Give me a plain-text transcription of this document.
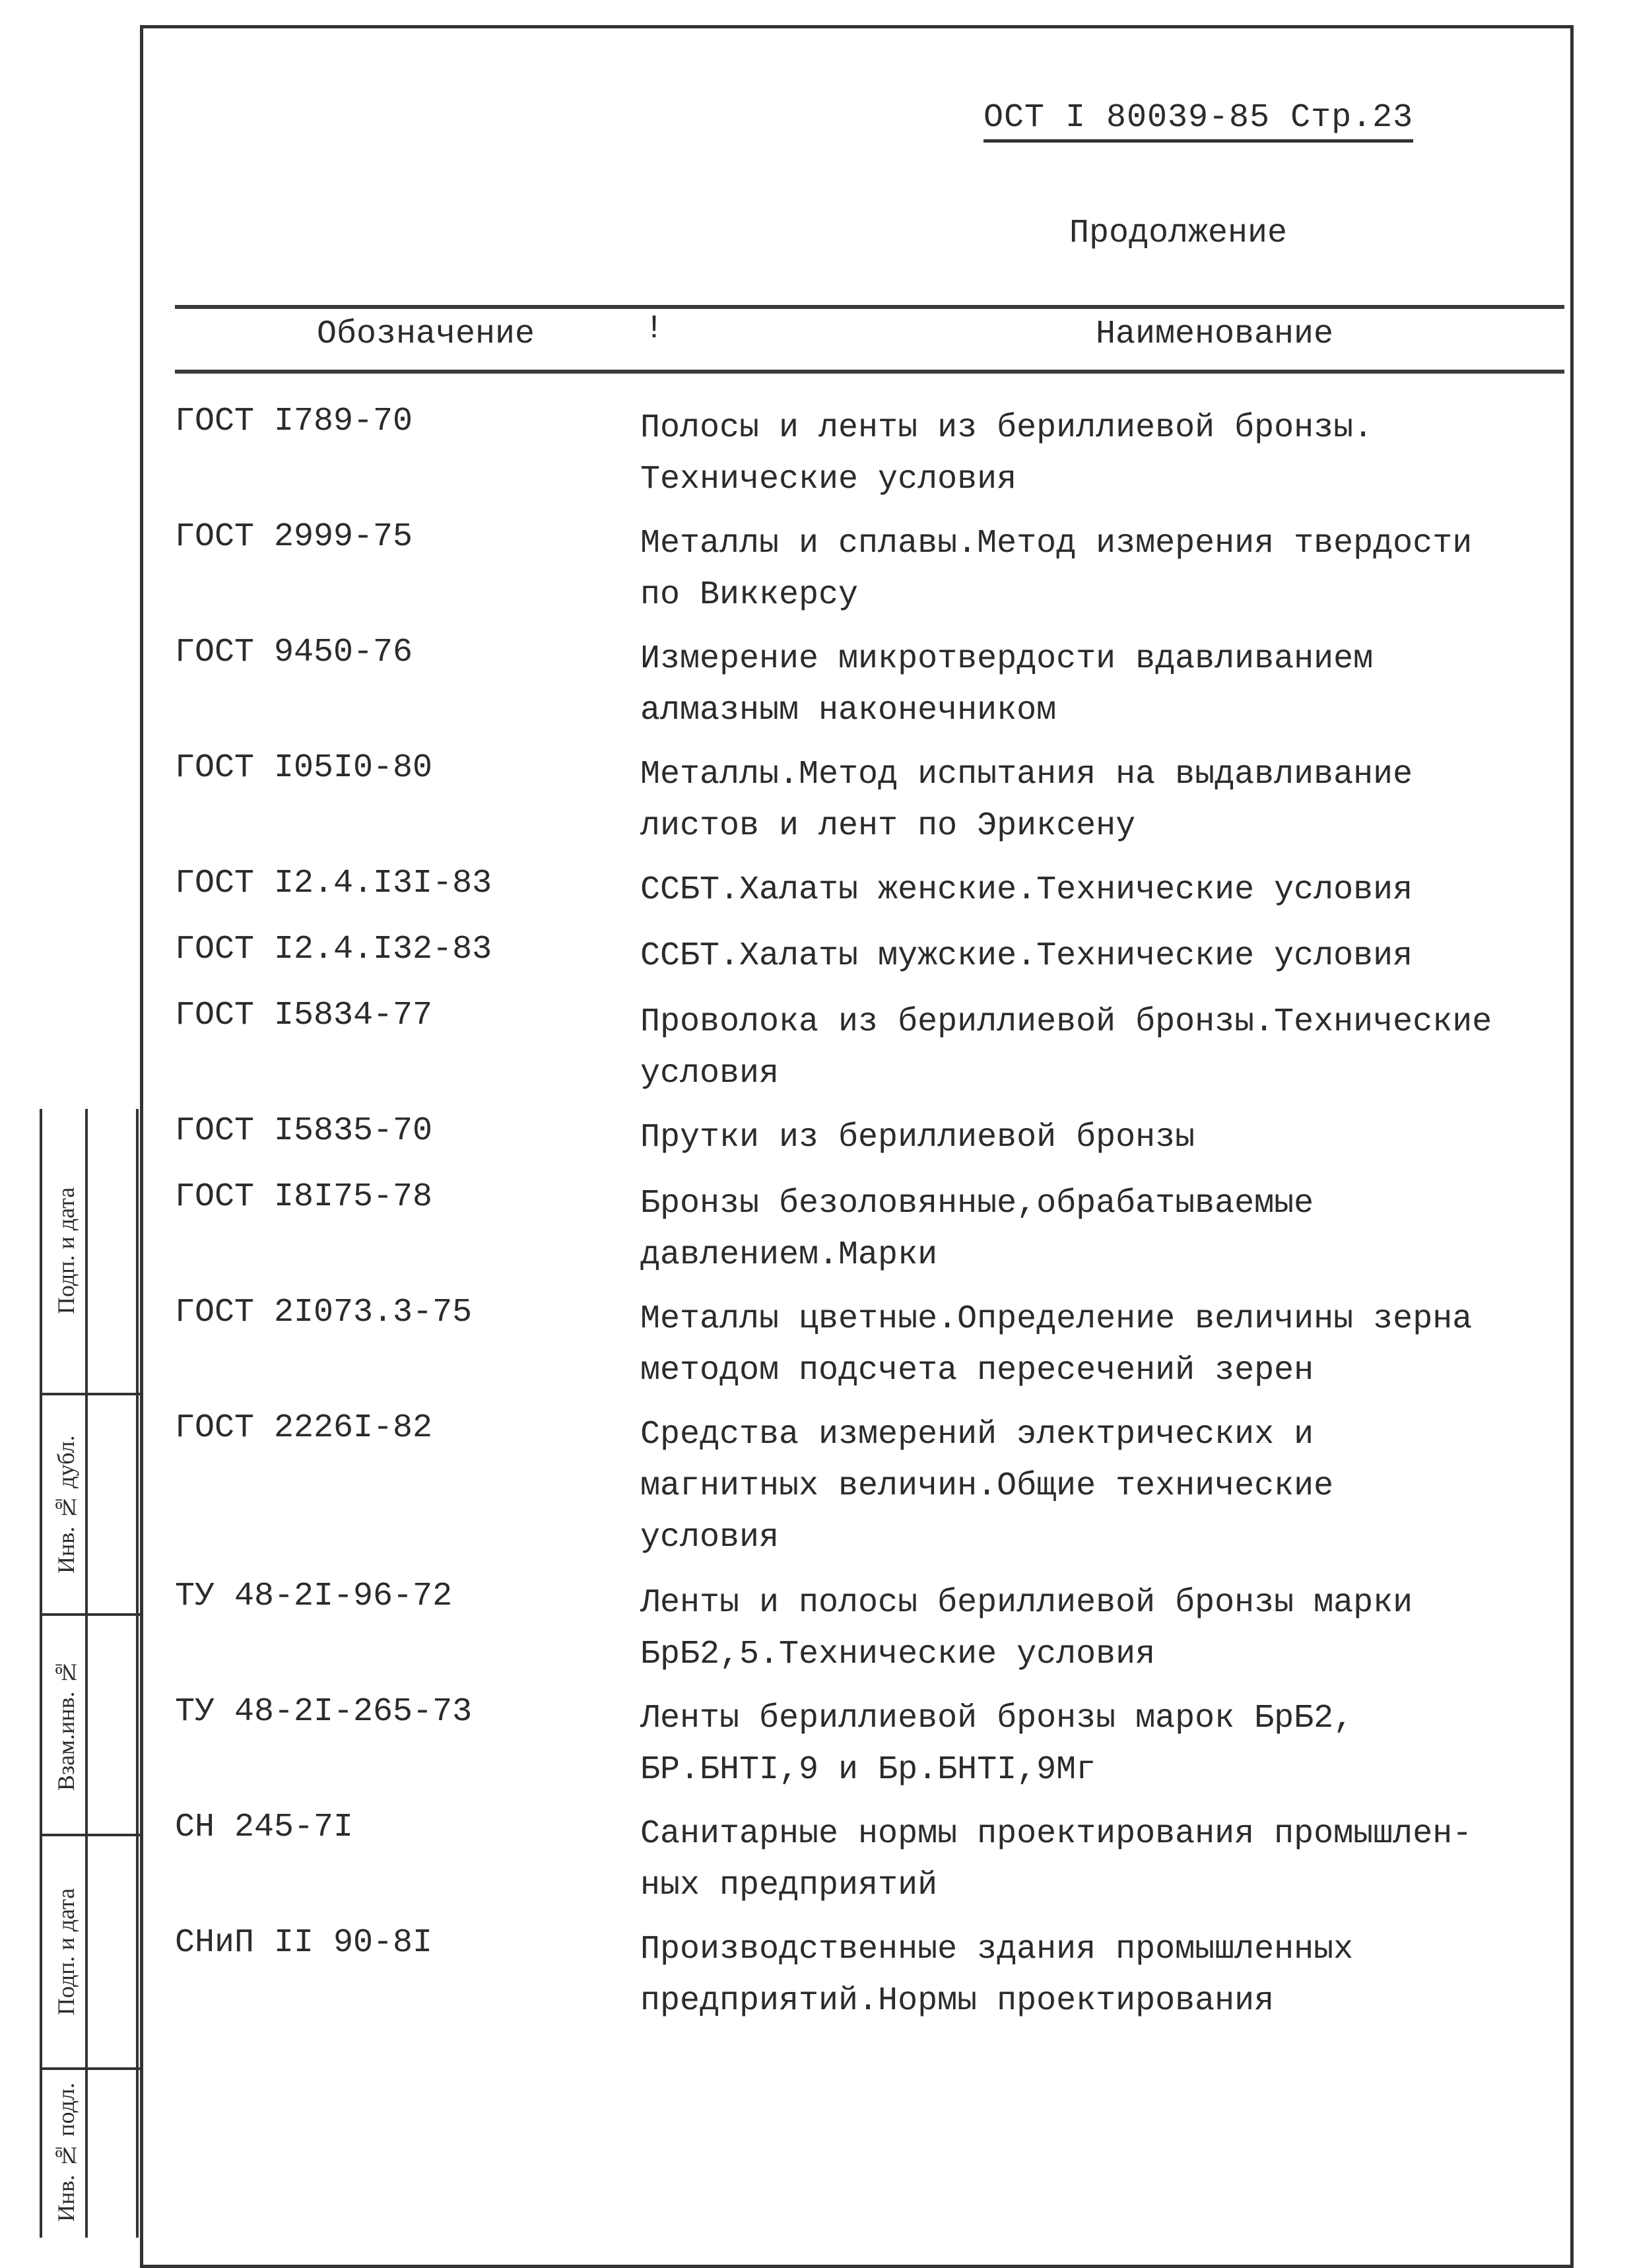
ОСТ I 80039-85 Стр.23
Продолжение
Обозначение	!	Наименование
ГОСТ I789-70	Полосы и ленты из бериллиевой бронзы.
Технические условия
ГОСТ 2999-75	Металлы и сплавы.Метод измерения твердости
по Виккерсу
ГОСТ 9450-76	Измерение микротвердости вдавливанием
алмазным наконечником
ГОСТ I05I0-80	Металлы.Метод испытания на выдавливание
листов и лент по Эриксену
ГОСТ I2.4.I3I-83	ССБТ.Халаты женские.Технические условия
ГОСТ I2.4.I32-83	ССБТ.Халаты мужские.Технические условия
ГОСТ I5834-77	Проволока из бериллиевой бронзы.Технические
условия
ГОСТ I5835-70	Прутки из бериллиевой бронзы
ГОСТ I8I75-78	Бронзы безоловянные,обрабатываемые
давлением.Марки
ГОСТ 2I073.3-75	Металлы цветные.Определение величины зерна
методом подсчета пересечений зерен
ГОСТ 2226I-82	Средства измерений электрических и
магнитных величин.Общие технические
условия
ТУ 48-2I-96-72	Ленты и полосы бериллиевой бронзы марки
БрБ2,5.Технические условия
ТУ 48-2I-265-73	Ленты бериллиевой бронзы марок БрБ2,
БР.БНТI,9 и Бр.БНТI,9Мг
СН 245-7I	Санитарные нормы проектирования промышлен-
ных предприятий
СНиП II 90-8I	Производственные здания промышленных
предприятий.Нормы проектирования
Подп. и дата
Инв. № дубл.
Взам.инв. №
Подп. и дата
Инв. № подл.
